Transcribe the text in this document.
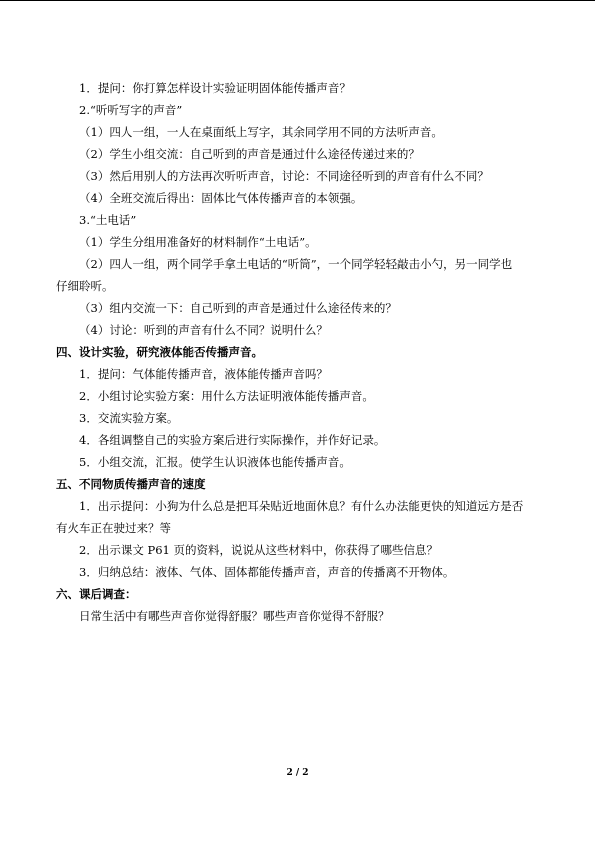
1．提问：你打算怎样设计实验证明固体能传播声音？
2.“听听写字的声音”
（1）四人一组，一人在桌面纸上写字，其余同学用不同的方法听声音。
（2）学生小组交流：自己听到的声音是通过什么途径传递过来的？
（3）然后用别人的方法再次听听声音，讨论：不同途径听到的声音有什么不同？
（4）全班交流后得出：固体比气体传播声音的本领强。
3.“土电话”
（1）学生分组用准备好的材料制作“土电话”。
（2）四人一组，两个同学手拿土电话的“听筒”，一个同学轻轻敲击小勺，另一同学也
仔细聆听。
（3）组内交流一下：自己听到的声音是通过什么途径传来的？
（4）讨论：听到的声音有什么不同？说明什么？
四、设计实验，研究液体能否传播声音。
1．提问：气体能传播声音，液体能传播声音吗？
2．小组讨论实验方案：用什么方法证明液体能传播声音。
3．交流实验方案。
4．各组调整自己的实验方案后进行实际操作，并作好记录。
5．小组交流，汇报。使学生认识液体也能传播声音。
五、不同物质传播声音的速度
1．出示提问：小狗为什么总是把耳朵贴近地面休息？有什么办法能更快的知道远方是否
有火车正在驶过来？等
2．出示课文 P61 页的资料，说说从这些材料中，你获得了哪些信息？
3．归纳总结：液体、气体、固体都能传播声音，声音的传播离不开物体。
六、课后调查：
日常生活中有哪些声音你觉得舒服？哪些声音你觉得不舒服？
2 / 2
